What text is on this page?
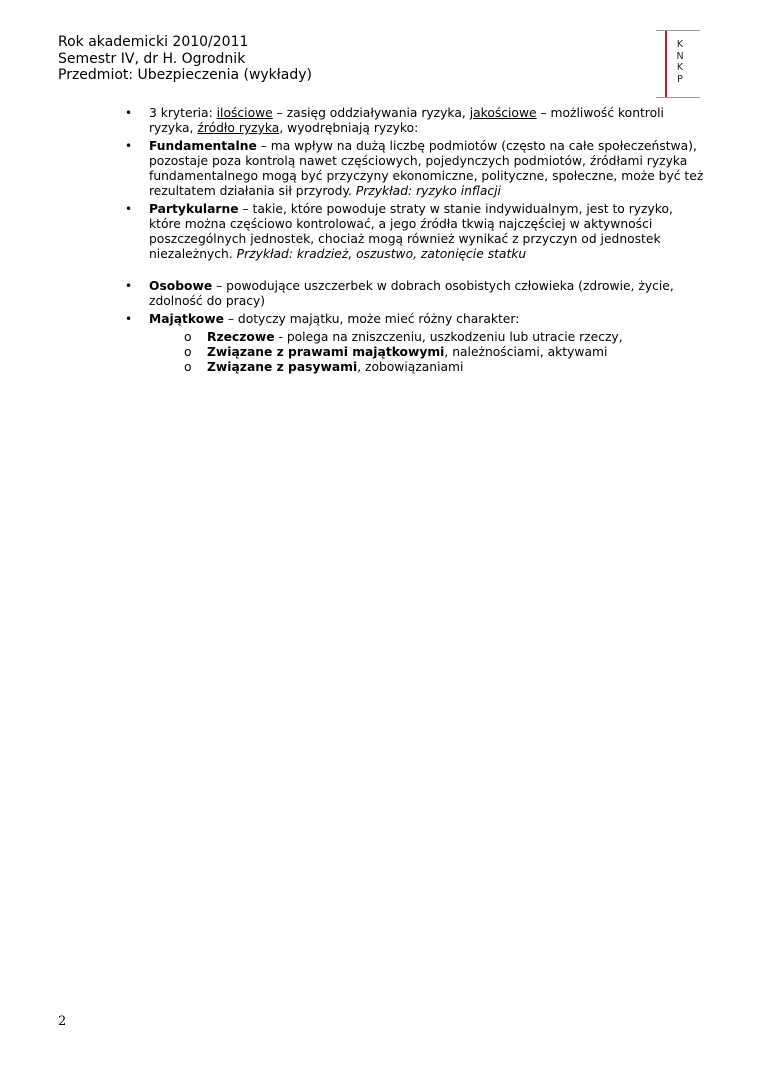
Rok akademicki 2010/2011
Semestr IV, dr H. Ogrodnik
Przedmiot: Ubezpieczenia (wykłady)
K
N
K
P
• 3 kryteria: ilościowe – zasięg oddziaływania ryzyka, jakościowe – możliwość kontroli ryzyka, źródło ryzyka, wyodrębniają ryzyko:
• Fundamentalne – ma wpływ na dużą liczbę podmiotów (często na całe społeczeństwa), pozostaje poza kontrolą nawet częściowych, pojedynczych podmiotów, źródłami ryzyka fundamentalnego mogą być przyczyny ekonomiczne, polityczne, społeczne, może być też rezultatem działania sił przyrody. Przykład: ryzyko inflacji
• Partykularne – takie, które powoduje straty w stanie indywidualnym, jest to ryzyko, które można częściowo kontrolować, a jego źródła tkwią najczęściej w aktywności poszczególnych jednostek, chociaż mogą również wynikać z przyczyn od jednostek niezależnych. Przykład: kradzież, oszustwo, zatonięcie statku
• Osobowe – powodujące uszczerbek w dobrach osobistych człowieka (zdrowie, życie, zdolność do pracy)
• Majątkowe – dotyczy majątku, może mieć różny charakter:
o Rzeczowe - polega na zniszczeniu, uszkodzeniu lub utracie rzeczy,
o Związane z prawami majątkowymi, należnościami, aktywami
o Związane z pasywami, zobowiązaniami
2
